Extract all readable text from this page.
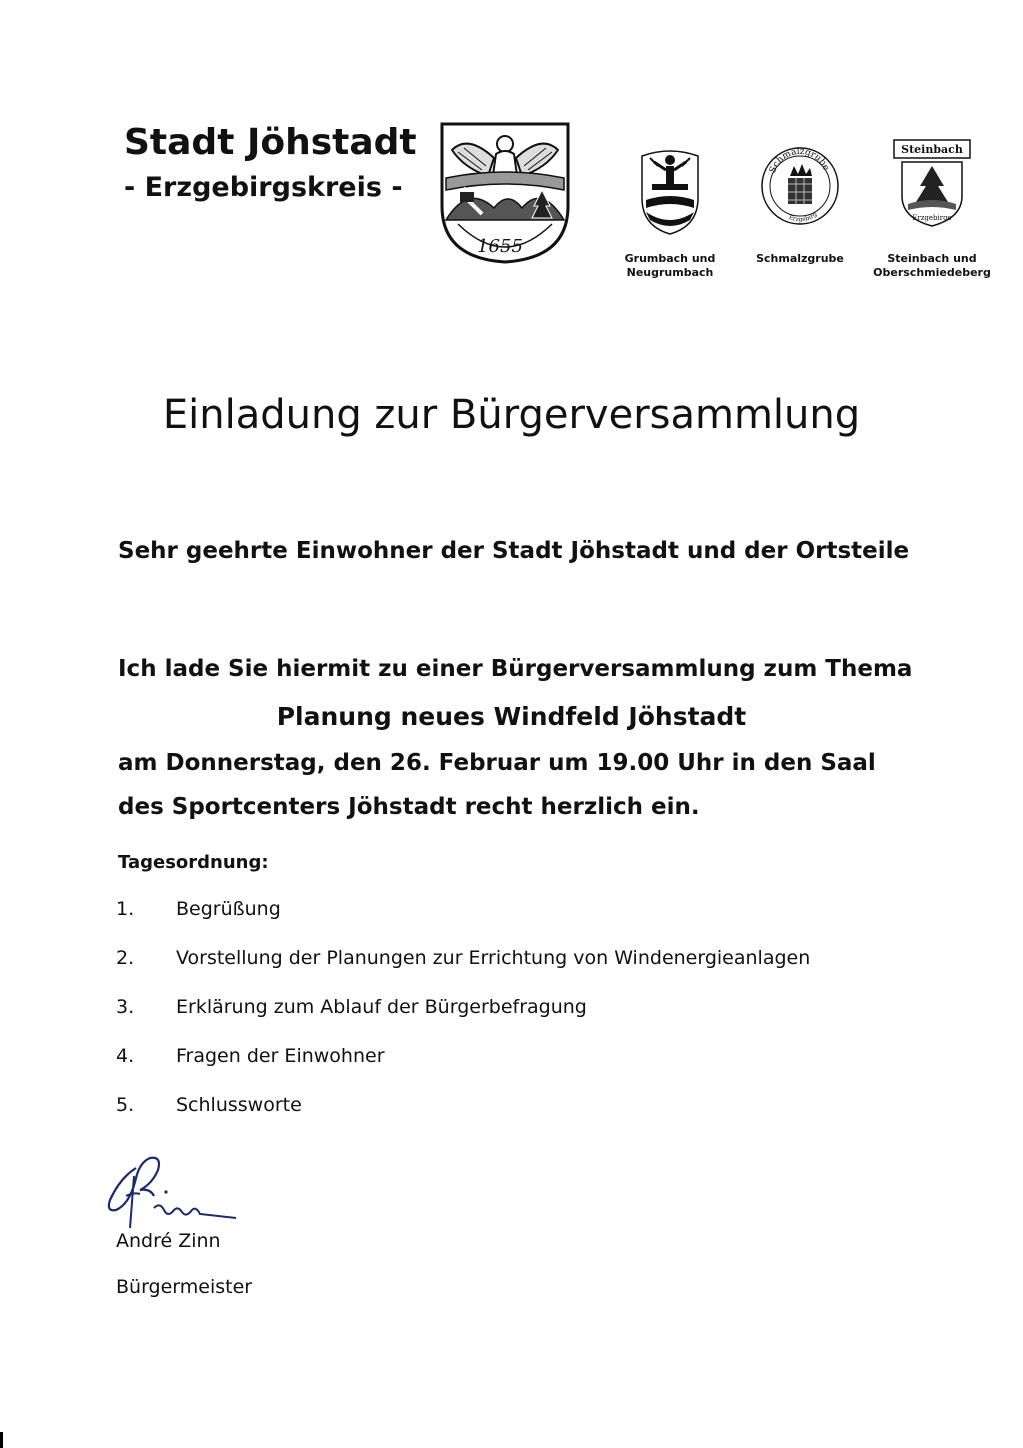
Stadt Jöhstadt
- Erzgebirgskreis -
1655
Grumbach und Neugrumbach
Schmalzgrube
Erzgebirg
Schmalzgrube
Steinbach
Erzgebirge
Steinbach und Oberschmiedeberg
Einladung zur Bürgerversammlung
Sehr geehrte Einwohner der Stadt Jöhstadt und der Ortsteile
Ich lade Sie hiermit zu einer Bürgerversammlung zum Thema
Planung neues Windfeld Jöhstadt
am Donnerstag, den 26. Februar um 19.00 Uhr in den Saal
des Sportcenters Jöhstadt recht herzlich ein.
Tagesordnung:
1.	Begrüßung
2.	Vorstellung der Planungen zur Errichtung von Windenergieanlagen
3.	Erklärung zum Ablauf der Bürgerbefragung
4.	Fragen der Einwohner
5.	Schlussworte
André Zinn
Bürgermeister
